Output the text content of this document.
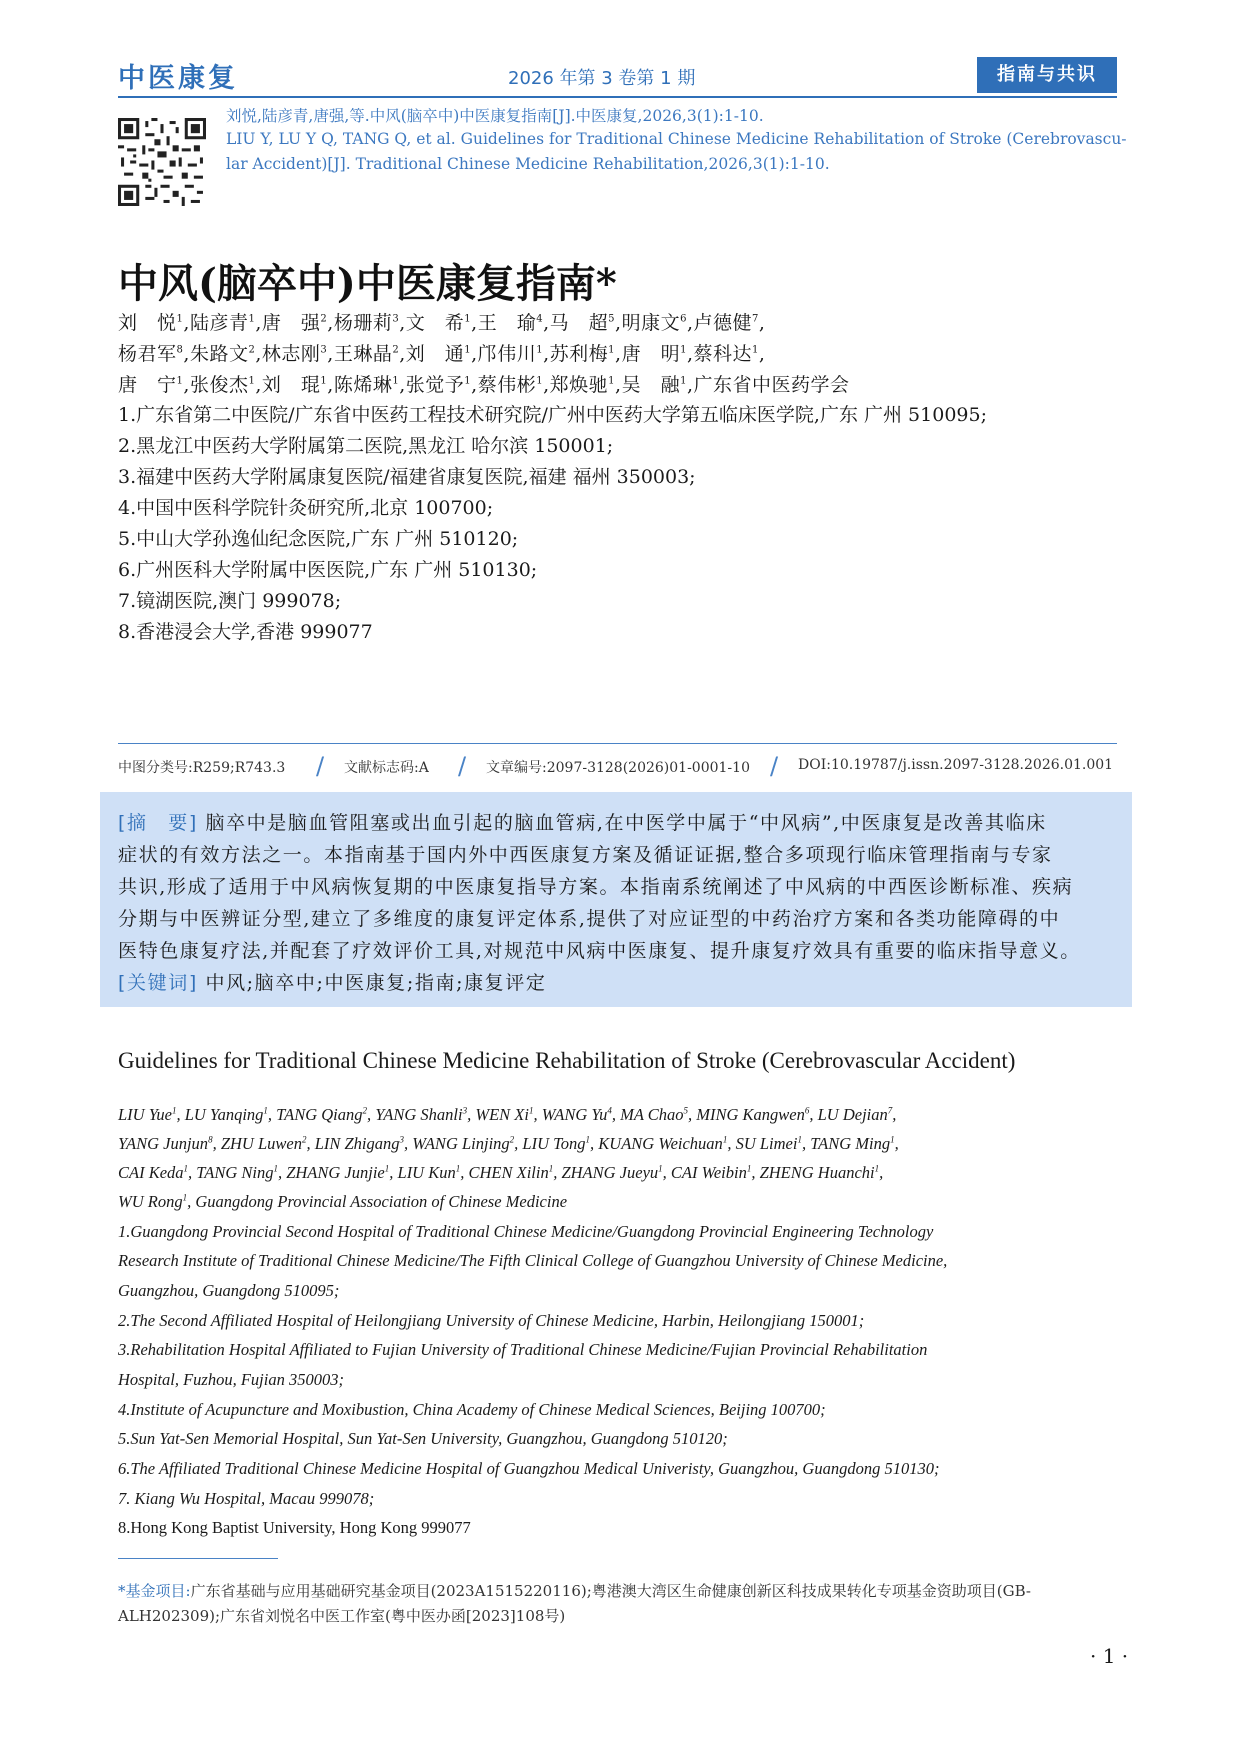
中医康复	2026 年第 3 卷第 1 期	指南与共识
刘悦,陆彦青,唐强,等.中风(脑卒中)中医康复指南[J].中医康复,2026,3(1):1-10.
LIU Y, LU Y Q, TANG Q, et al. Guidelines for Traditional Chinese Medicine Rehabilitation of Stroke (Cerebrovascu-
lar Accident)[J]. Traditional Chinese Medicine Rehabilitation,2026,3(1):1-10.
中风(脑卒中)中医康复指南*
刘　悦$^1$,陆彦青$^1$,唐　强$^2$,杨珊莉$^3$,文　希$^1$,王　瑜$^4$,马　超$^5$,明康文$^6$,卢德健$^7$,
杨君军$^8$,朱路文$^2$,林志刚$^3$,王琳晶$^2$,刘　通$^1$,邝伟川$^1$,苏利梅$^1$,唐　明$^1$,蔡科达$^1$,
唐　宁$^1$,张俊杰$^1$,刘　琨$^1$,陈烯琳$^1$,张觉予$^1$,蔡伟彬$^1$,郑焕驰$^1$,吴　融$^1$,广东省中医药学会
1.广东省第二中医院/广东省中医药工程技术研究院/广州中医药大学第五临床医学院,广东 广州 510095;
2.黑龙江中医药大学附属第二医院,黑龙江 哈尔滨 150001;
3.福建中医药大学附属康复医院/福建省康复医院,福建 福州 350003;
4.中国中医科学院针灸研究所,北京 100700;
5.中山大学孙逸仙纪念医院,广东 广州 510120;
6.广州医科大学附属中医医院,广东 广州 510130;
7.镜湖医院,澳门 999078;
8.香港浸会大学,香港 999077
中图分类号:R259;R743.3 / 文献标志码:A / 文章编号:2097-3128(2026)01-0001-10 / DOI:10.19787/j.issn.2097-3128.2026.01.001
[摘　要] 脑卒中是脑血管阻塞或出血引起的脑血管病,在中医学中属于“中风病”,中医康复是改善其临床
症状的有效方法之一。本指南基于国内外中西医康复方案及循证证据,整合多项现行临床管理指南与专家
共识,形成了适用于中风病恢复期的中医康复指导方案。本指南系统阐述了中风病的中西医诊断标准、疾病
分期与中医辨证分型,建立了多维度的康复评定体系,提供了对应证型的中药治疗方案和各类功能障碍的中
医特色康复疗法,并配套了疗效评价工具,对规范中风病中医康复、提升康复疗效具有重要的临床指导意义。
[关键词] 中风;脑卒中;中医康复;指南;康复评定
Guidelines for Traditional Chinese Medicine Rehabilitation of Stroke (Cerebrovascular Accident)
LIU Yue$^1$, LU Yanqing$^1$, TANG Qiang$^2$, YANG Shanli$^3$, WEN Xi$^1$, WANG Yu$^4$, MA Chao$^5$, MING Kangwen$^6$, LU Dejian$^7$,
YANG Junjun$^8$, ZHU Luwen$^2$, LIN Zhigang$^3$, WANG Linjing$^2$, LIU Tong$^1$, KUANG Weichuan$^1$, SU Limei$^1$, TANG Ming$^1$,
CAI Keda$^1$, TANG Ning$^1$, ZHANG Junjie$^1$, LIU Kun$^1$, CHEN Xilin$^1$, ZHANG Jueyu$^1$, CAI Weibin$^1$, ZHENG Huanchi$^1$,
WU Rong$^1$, Guangdong Provincial Association of Chinese Medicine
1.Guangdong Provincial Second Hospital of Traditional Chinese Medicine/Guangdong Provincial Engineering Technology
Research Institute of Traditional Chinese Medicine/The Fifth Clinical College of Guangzhou University of Chinese Medicine,
Guangzhou, Guangdong 510095;
2.The Second Affiliated Hospital of Heilongjiang University of Chinese Medicine, Harbin, Heilongjiang 150001;
3.Rehabilitation Hospital Affiliated to Fujian University of Traditional Chinese Medicine/Fujian Provincial Rehabilitation
Hospital, Fuzhou, Fujian 350003;
4.Institute of Acupuncture and Moxibustion, China Academy of Chinese Medical Sciences, Beijing 100700;
5.Sun Yat-Sen Memorial Hospital, Sun Yat-Sen University, Guangzhou, Guangdong 510120;
6.The Affiliated Traditional Chinese Medicine Hospital of Guangzhou Medical Univeristy, Guangzhou, Guangdong 510130;
7. Kiang Wu Hospital, Macau 999078;
8.Hong Kong Baptist University, Hong Kong 999077
*基金项目:广东省基础与应用基础研究基金项目(2023A1515220116);粤港澳大湾区生命健康创新区科技成果转化专项基金资助项目(GB-
ALH202309);广东省刘悦名中医工作室(粤中医办函[2023]108号)
· 1 ·
